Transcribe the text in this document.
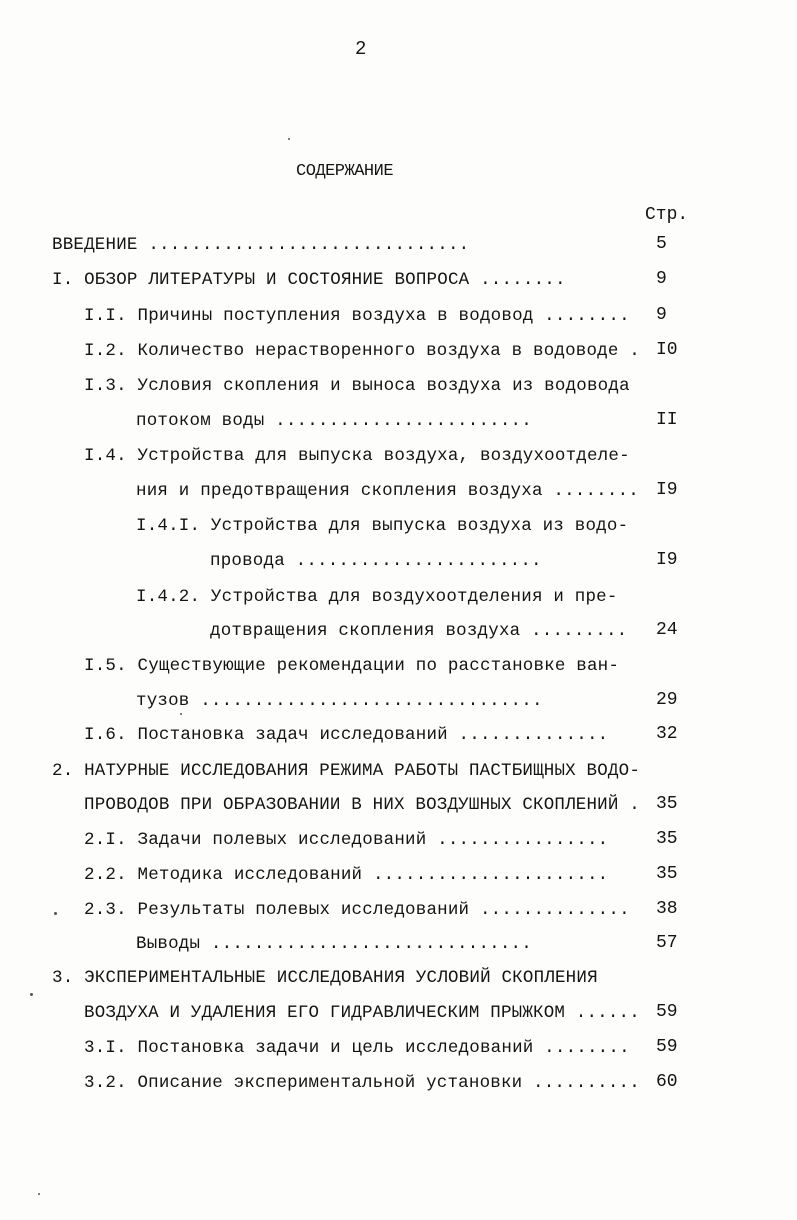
2
СОДЕРЖАНИЕ
Стр.
ВВЕДЕНИЕ ..............................	5
I. ОБЗОР ЛИТЕРАТУРЫ И СОСТОЯНИЕ ВОПРОСА ........	9
I.I. Причины поступления воздуха в водовод ........ 9
I.2. Количество нерастворенного воздуха в водоводе . I0
I.3. Условия скопления и выноса воздуха из водовода
потоком воды ........................	II
I.4. Устройства для выпуска воздуха, воздухоотделе-
ния и предотвращения скопления воздуха ........ I9
I.4.I. Устройства для выпуска воздуха из водо-
провода .......................	I9
I.4.2. Устройства для воздухоотделения и пре-
дотвращения скопления воздуха ......... 24
I.5. Существующие рекомендации по расстановке ван-
тузов ................................	29
I.6. Постановка задач исследований ..............	32
2. НАТУРНЫЕ ИССЛЕДОВАНИЯ РЕЖИМА РАБОТЫ ПАСТБИЩНЫХ ВОДО-
ПРОВОДОВ ПРИ ОБРАЗОВАНИИ В НИХ ВОЗДУШНЫХ СКОПЛЕНИЙ . 35
2.I. Задачи полевых исследований ................	35
2.2. Методика исследований ......................	35
2.3. Результаты полевых исследований .............. 38
Выводы ..............................	57
3. ЭКСПЕРИМЕНТАЛЬНЫЕ ИССЛЕДОВАНИЯ УСЛОВИЙ СКОПЛЕНИЯ
ВОЗДУХА И УДАЛЕНИЯ ЕГО ГИДРАВЛИЧЕСКИМ ПРЫЖКОМ ...... 59
3.I. Постановка задачи и цель исследований ........ 59
3.2. Описание экспериментальной установки .......... 60
